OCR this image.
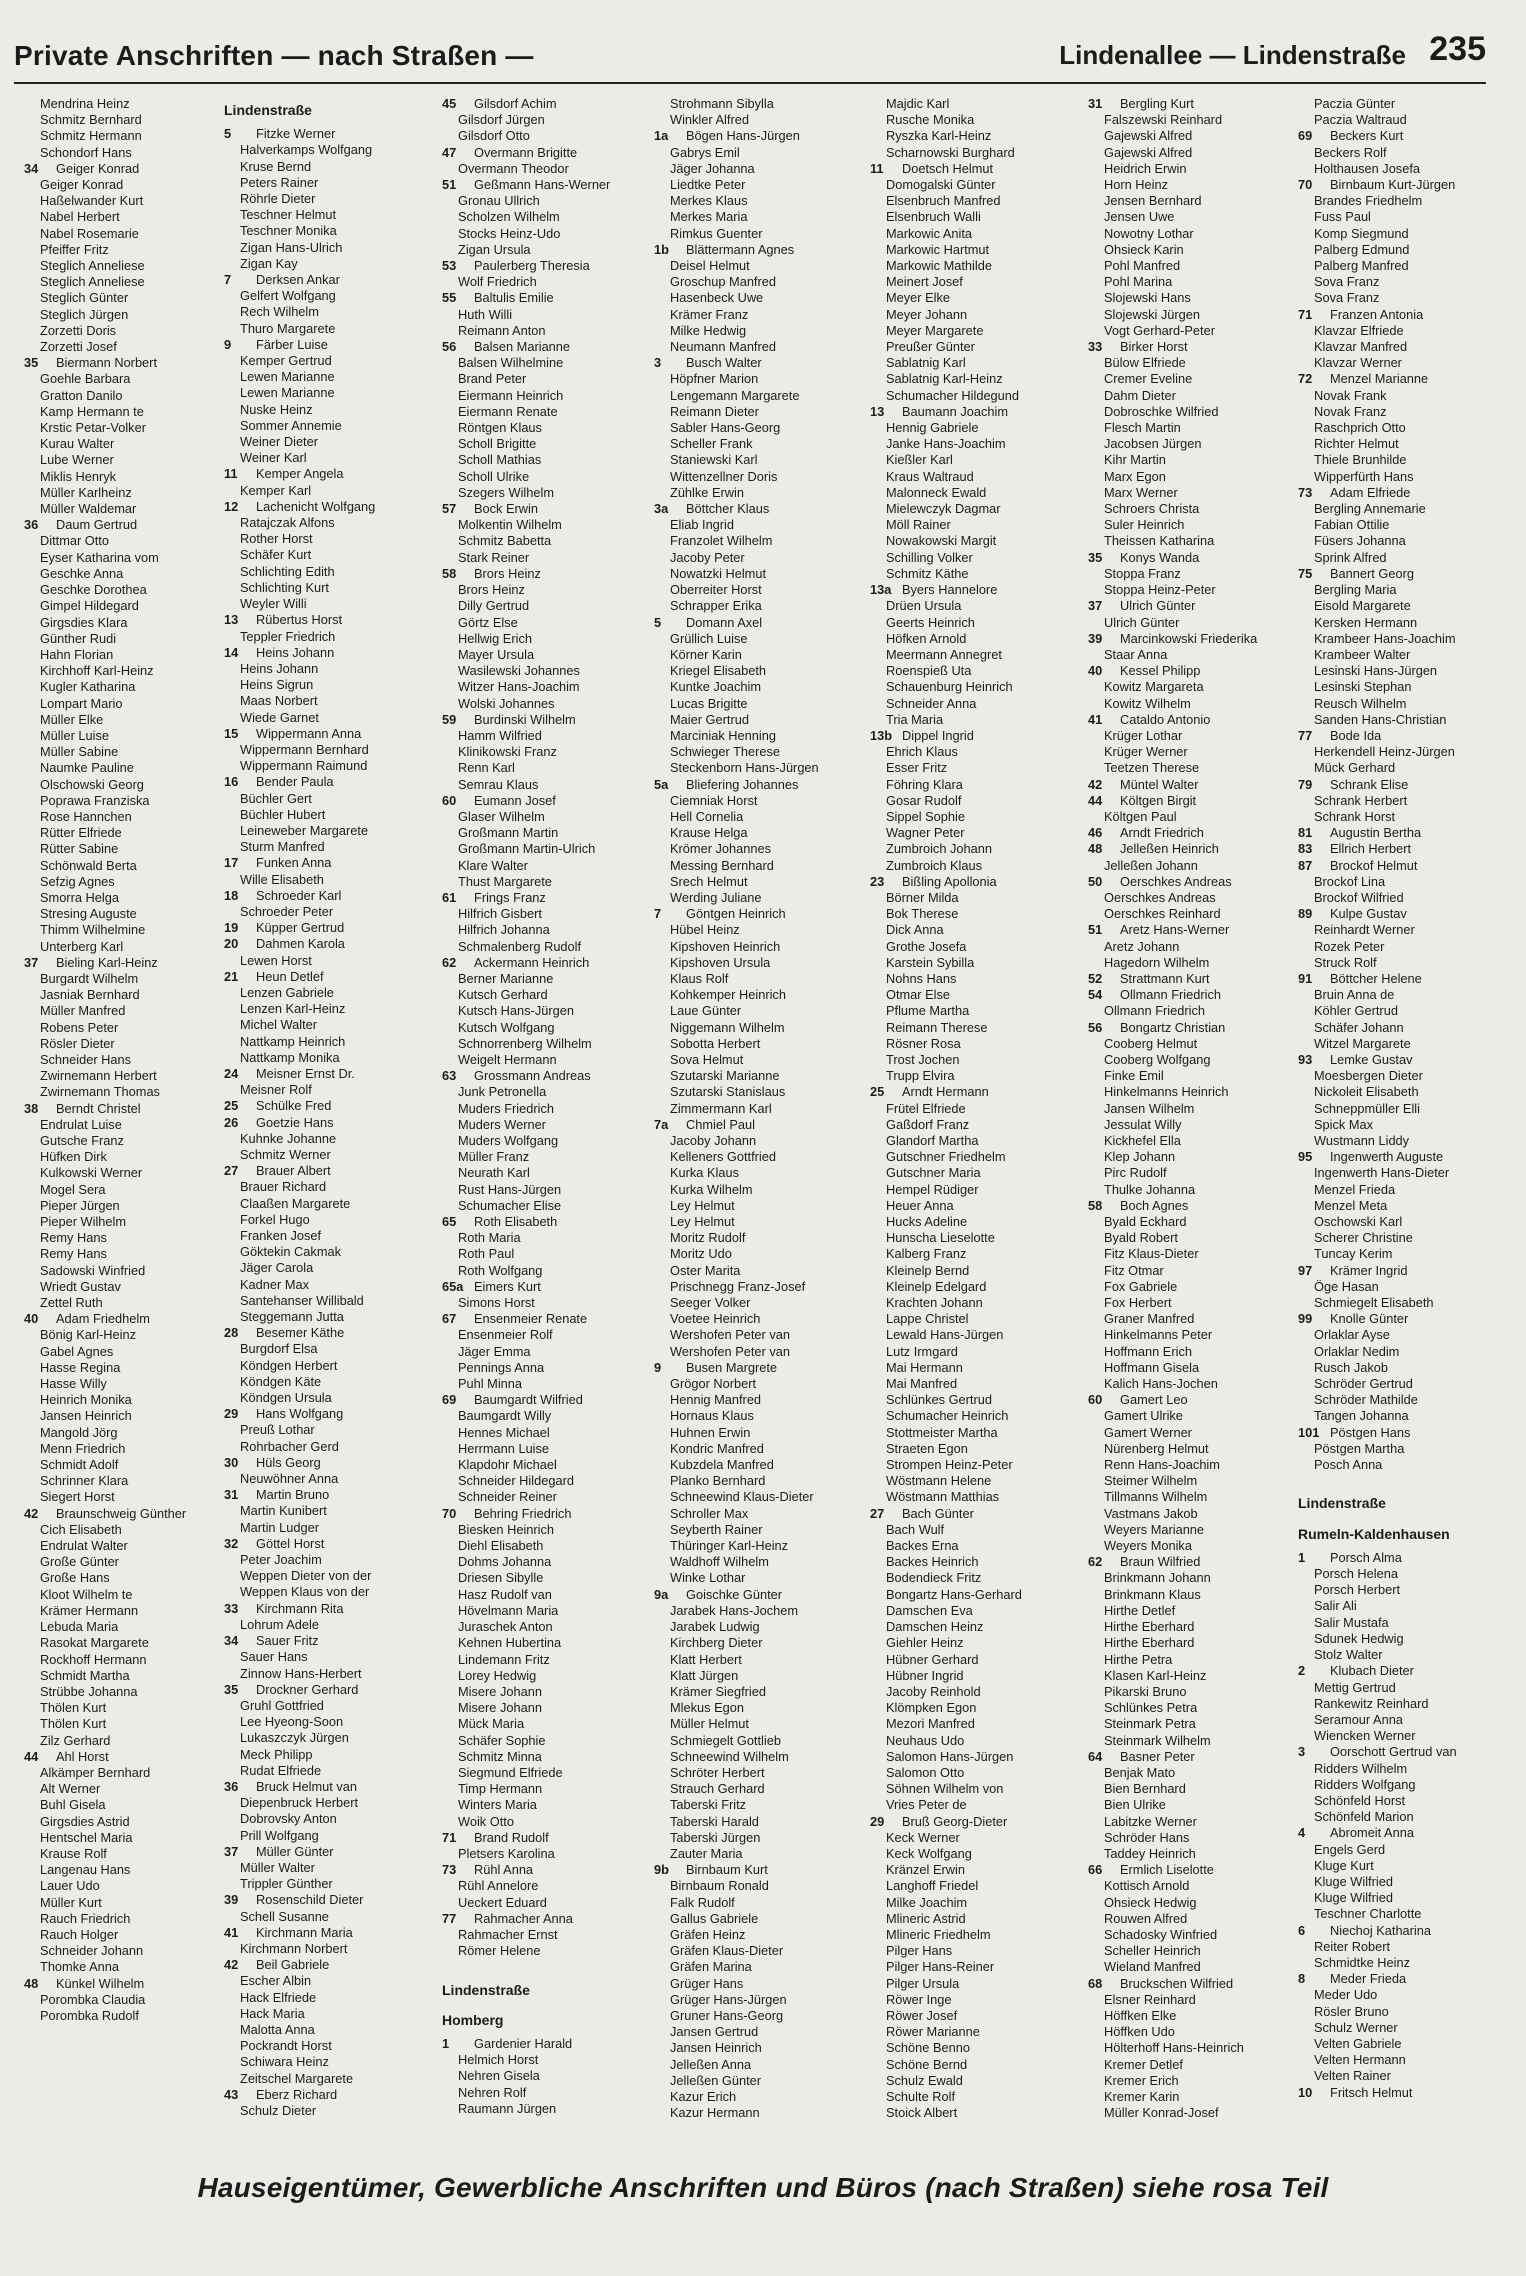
Private Anschriften — nach Straßen —	Lindenallee — Lindenstraße 235
Mendrina Heinz
Schmitz Bernhard
Schmitz Hermann
Schondorf Hans
34 Geiger Konrad
Geiger Konrad
Haßelwander Kurt
Nabel Herbert
Nabel Rosemarie
Pfeiffer Fritz
Steglich Anneliese
Steglich Anneliese
Steglich Günter
Steglich Jürgen
Zorzetti Doris
Zorzetti Josef
35 Biermann Norbert
Goehle Barbara
Gratton Danilo
Kamp Hermann te
Krstic Petar-Volker
Kurau Walter
Lube Werner
Miklis Henryk
Müller Karlheinz
Müller Waldemar
36 Daum Gertrud
Dittmar Otto
Eyser Katharina vom
Geschke Anna
Geschke Dorothea
Gimpel Hildegard
Girgsdies Klara
Günther Rudi
Hahn Florian
Kirchhoff Karl-Heinz
Kugler Katharina
Lompart Mario
Müller Elke
Müller Luise
Müller Sabine
Naumke Pauline
Olschowski Georg
Poprawa Franziska
Rose Hannchen
Rütter Elfriede
Rütter Sabine
Schönwald Berta
Sefzig Agnes
Smorra Helga
Stresing Auguste
Thimm Wilhelmine
Unterberg Karl
37 Bieling Karl-Heinz
Burgardt Wilhelm
Jasniak Bernhard
Müller Manfred
Robens Peter
Rösler Dieter
Schneider Hans
Zwirnemann Herbert
Zwirnemann Thomas
38 Berndt Christel
Endrulat Luise
Gutsche Franz
Hüfken Dirk
Kulkowski Werner
Mogel Sera
Pieper Jürgen
Pieper Wilhelm
Remy Hans
Remy Hans
Sadowski Winfried
Wriedt Gustav
Zettel Ruth
40 Adam Friedhelm
Bönig Karl-Heinz
Gabel Agnes
Hasse Regina
Hasse Willy
Heinrich Monika
Jansen Heinrich
Mangold Jörg
Menn Friedrich
Schmidt Adolf
Schrinner Klara
Siegert Horst
42 Braunschweig Günther
Cich Elisabeth
Endrulat Walter
Große Günter
Große Hans
Kloot Wilhelm te
Krämer Hermann
Lebuda Maria
Rasokat Margarete
Rockhoff Hermann
Schmidt Martha
Strübbe Johanna
Thölen Kurt
Thölen Kurt
Zilz Gerhard
44 Ahl Horst
Alkämper Bernhard
Alt Werner
Buhl Gisela
Girgsdies Astrid
Hentschel Maria
Krause Rolf
Langenau Hans
Lauer Udo
Müller Kurt
Rauch Friedrich
Rauch Holger
Schneider Johann
Thomke Anna
48 Künkel Wilhelm
Porombka Claudia
Porombka Rudolf
Lindenstraße
5 Fitzke Werner
Halverkamps Wolfgang
Kruse Bernd
Peters Rainer
Röhrle Dieter
Teschner Helmut
Teschner Monika
Zigan Hans-Ulrich
Zigan Kay
7 Derksen Ankar
Gelfert Wolfgang
Rech Wilhelm
Thuro Margarete
9 Färber Luise
Kemper Gertrud
Lewen Marianne
Lewen Marianne
Nuske Heinz
Sommer Annemie
Weiner Dieter
Weiner Karl
11 Kemper Angela
Kemper Karl
12 Lachenicht Wolfgang
Ratajczak Alfons
Rother Horst
Schäfer Kurt
Schlichting Edith
Schlichting Kurt
Weyler Willi
13 Rübertus Horst
Teppler Friedrich
14 Heins Johann
Heins Johann
Heins Sigrun
Maas Norbert
Wiede Garnet
15 Wippermann Anna
Wippermann Bernhard
Wippermann Raimund
16 Bender Paula
Büchler Gert
Büchler Hubert
Leineweber Margarete
Sturm Manfred
17 Funken Anna
Wille Elisabeth
18 Schroeder Karl
Schroeder Peter
19 Küpper Gertrud
20 Dahmen Karola
Lewen Horst
21 Heun Detlef
Lenzen Gabriele
Lenzen Karl-Heinz
Michel Walter
Nattkamp Heinrich
Nattkamp Monika
24 Meisner Ernst Dr.
Meisner Rolf
25 Schülke Fred
26 Goetzie Hans
Kuhnke Johanne
Schmitz Werner
27 Brauer Albert
Brauer Richard
Claaßen Margarete
Forkel Hugo
Franken Josef
Göktekin Cakmak
Jäger Carola
Kadner Max
Santehanser Willibald
Steggemann Jutta
28 Besemer Käthe
Burgdorf Elsa
Köndgen Herbert
Köndgen Käte
Köndgen Ursula
29 Hans Wolfgang
Preuß Lothar
Rohrbacher Gerd
30 Hüls Georg
Neuwöhner Anna
31 Martin Bruno
Martin Kunibert
Martin Ludger
32 Göttel Horst
Peter Joachim
Weppen Dieter von der
Weppen Klaus von der
33 Kirchmann Rita
Lohrum Adele
34 Sauer Fritz
Sauer Hans
Zinnow Hans-Herbert
35 Drockner Gerhard
Gruhl Gottfried
Lee Hyeong-Soon
Lukaszczyk Jürgen
Meck Philipp
Rudat Elfriede
36 Bruck Helmut van
Diepenbruck Herbert
Dobrovsky Anton
Prill Wolfgang
37 Müller Günter
Müller Walter
Trippler Günther
39 Rosenschild Dieter
Schell Susanne
41 Kirchmann Maria
Kirchmann Norbert
42 Beil Gabriele
Escher Albin
Hack Elfriede
Hack Maria
Malotta Anna
Pockrandt Horst
Schiwara Heinz
Zeitschel Margarete
43 Eberz Richard
Schulz Dieter
45 Gilsdorf Achim
Gilsdorf Jürgen
Gilsdorf Otto
47 Overmann Brigitte
Overmann Theodor
51 Geßmann Hans-Werner
Gronau Ullrich
Scholzen Wilhelm
Stocks Heinz-Udo
Zigan Ursula
53 Paulerberg Theresia
Wolf Friedrich
55 Baltulis Emilie
Huth Willi
Reimann Anton
56 Balsen Marianne
Balsen Wilhelmine
Brand Peter
Eiermann Heinrich
Eiermann Renate
Röntgen Klaus
Scholl Brigitte
Scholl Mathias
Scholl Ulrike
Szegers Wilhelm
57 Bock Erwin
Molkentin Wilhelm
Schmitz Babetta
Stark Reiner
58 Brors Heinz
Brors Heinz
Dilly Gertrud
Görtz Else
Hellwig Erich
Mayer Ursula
Wasilewski Johannes
Witzer Hans-Joachim
Wolski Johannes
59 Burdinski Wilhelm
Hamm Wilfried
Klinikowski Franz
Renn Karl
Semrau Klaus
60 Eumann Josef
Glaser Wilhelm
Großmann Martin
Großmann Martin-Ulrich
Klare Walter
Thust Margarete
61 Frings Franz
Hilfrich Gisbert
Hilfrich Johanna
Schmalenberg Rudolf
62 Ackermann Heinrich
Berner Marianne
Kutsch Gerhard
Kutsch Hans-Jürgen
Kutsch Wolfgang
Schnorrenberg Wilhelm
Weigelt Hermann
63 Grossmann Andreas
Junk Petronella
Muders Friedrich
Muders Werner
Muders Wolfgang
Müller Franz
Neurath Karl
Rust Hans-Jürgen
Schumacher Elise
65 Roth Elisabeth
Roth Maria
Roth Paul
Roth Wolfgang
65a Eimers Kurt
Simons Horst
67 Ensenmeier Renate
Ensenmeier Rolf
Jäger Emma
Pennings Anna
Puhl Minna
69 Baumgardt Wilfried
Baumgardt Willy
Hennes Michael
Herrmann Luise
Klapdohr Michael
Schneider Hildegard
Schneider Reiner
70 Behring Friedrich
Biesken Heinrich
Diehl Elisabeth
Dohms Johanna
Driesen Sibylle
Hasz Rudolf van
Hövelmann Maria
Juraschek Anton
Kehnen Hubertina
Lindemann Fritz
Lorey Hedwig
Misere Johann
Misere Johann
Mück Maria
Schäfer Sophie
Schmitz Minna
Siegmund Elfriede
Timp Hermann
Winters Maria
Woik Otto
71 Brand Rudolf
Pletsers Karolina
73 Rühl Anna
Rühl Annelore
Ueckert Eduard
77 Rahmacher Anna
Rahmacher Ernst
Römer Helene

Lindenstraße
Homberg
1 Gardenier Harald
Helmich Horst
Nehren Gisela
Nehren Rolf
Raumann Jürgen
Strohmann Sibylla
Winkler Alfred
1a Bögen Hans-Jürgen
Gabrys Emil
Jäger Johanna
Liedtke Peter
Merkes Klaus
Merkes Maria
Rimkus Guenter
1b Blättermann Agnes
Deisel Helmut
Groschup Manfred
Hasenbeck Uwe
Krämer Franz
Milke Hedwig
Neumann Manfred
3 Busch Walter
Höpfner Marion
Lengemann Margarete
Reimann Dieter
Sabler Hans-Georg
Scheller Frank
Staniewski Karl
Wittenzellner Doris
Zühlke Erwin
3a Böttcher Klaus
Eliab Ingrid
Franzolet Wilhelm
Jacoby Peter
Nowatzki Helmut
Oberreiter Horst
Schrapper Erika
5 Domann Axel
Grüllich Luise
Körner Karin
Kriegel Elisabeth
Kuntke Joachim
Lucas Brigitte
Maier Gertrud
Marciniak Henning
Schwieger Therese
Steckenborn Hans-Jürgen
5a Bliefering Johannes
Ciemniak Horst
Hell Cornelia
Krause Helga
Krömer Johannes
Messing Bernhard
Srech Helmut
Werding Juliane
7 Göntgen Heinrich
Hübel Heinz
Kipshoven Heinrich
Kipshoven Ursula
Klaus Rolf
Kohkemper Heinrich
Laue Günter
Niggemann Wilhelm
Sobotta Herbert
Sova Helmut
Szutarski Marianne
Szutarski Stanislaus
Zimmermann Karl
7a Chmiel Paul
Jacoby Johann
Kelleners Gottfried
Kurka Klaus
Kurka Wilhelm
Ley Helmut
Ley Helmut
Moritz Rudolf
Moritz Udo
Oster Marita
Prischnegg Franz-Josef
Seeger Volker
Voetee Heinrich
Wershofen Peter van
Wershofen Peter van
9 Busen Margrete
Grögor Norbert
Hennig Manfred
Hornaus Klaus
Huhnen Erwin
Kondric Manfred
Kubzdela Manfred
Planko Bernhard
Schneewind Klaus-Dieter
Schroller Max
Seyberth Rainer
Thüringer Karl-Heinz
Waldhoff Wilhelm
Winke Lothar
9a Goischke Günter
Jarabek Hans-Jochem
Jarabek Ludwig
Kirchberg Dieter
Klatt Herbert
Klatt Jürgen
Krämer Siegfried
Mlekus Egon
Müller Helmut
Schmiegelt Gottlieb
Schneewind Wilhelm
Schröter Herbert
Strauch Gerhard
Taberski Fritz
Taberski Harald
Taberski Jürgen
Zauter Maria
9b Birnbaum Kurt
Birnbaum Ronald
Falk Rudolf
Gallus Gabriele
Gräfen Heinz
Gräfen Klaus-Dieter
Gräfen Marina
Grüger Hans
Grüger Hans-Jürgen
Gruner Hans-Georg
Jansen Gertrud
Jansen Heinrich
Jelleßen Anna
Jelleßen Günter
Kazur Erich
Kazur Hermann
Majdic Karl
Rusche Monika
Ryszka Karl-Heinz
Scharnowski Burghard
11 Doetsch Helmut
Domogalski Günter
Elsenbruch Manfred
Elsenbruch Walli
Markowic Anita
Markowic Hartmut
Markowic Mathilde
Meinert Josef
Meyer Elke
Meyer Johann
Meyer Margarete
Preußer Günter
Sablatnig Karl
Sablatnig Karl-Heinz
Schumacher Hildegund
13 Baumann Joachim
Hennig Gabriele
Janke Hans-Joachim
Kießler Karl
Kraus Waltraud
Malonneck Ewald
Mielewczyk Dagmar
Möll Rainer
Nowakowski Margit
Schilling Volker
Schmitz Käthe
13a Byers Hannelore
Drüen Ursula
Geerts Heinrich
Höfken Arnold
Meermann Annegret
Roenspieß Uta
Schauenburg Heinrich
Schneider Anna
Tria Maria
13b Dippel Ingrid
Ehrich Klaus
Esser Fritz
Föhring Klara
Gosar Rudolf
Sippel Sophie
Wagner Peter
Zumbroich Johann
Zumbroich Klaus
23 Bißling Apollonia
Börner Milda
Bok Therese
Dick Anna
Grothe Josefa
Karstein Sybilla
Nohns Hans
Otmar Else
Pflume Martha
Reimann Therese
Rösner Rosa
Trost Jochen
Trupp Elvira
25 Arndt Hermann
Frütel Elfriede
Gaßdorf Franz
Glandorf Martha
Gutschner Friedhelm
Gutschner Maria
Hempel Rüdiger
Heuer Anna
Hucks Adeline
Hunscha Lieselotte
Kalberg Franz
Kleinelp Bernd
Kleinelp Edelgard
Krachten Johann
Lappe Christel
Lewald Hans-Jürgen
Lutz Irmgard
Mai Hermann
Mai Manfred
Schlünkes Gertrud
Schumacher Heinrich
Stottmeister Martha
Straeten Egon
Strompen Heinz-Peter
Wöstmann Helene
Wöstmann Matthias
27 Bach Günter
Bach Wulf
Backes Erna
Backes Heinrich
Bodendieck Fritz
Bongartz Hans-Gerhard
Damschen Eva
Damschen Heinz
Giehler Heinz
Hübner Gerhard
Hübner Ingrid
Jacoby Reinhold
Klömpken Egon
Mezori Manfred
Neuhaus Udo
Salomon Hans-Jürgen
Salomon Otto
Söhnen Wilhelm von
Vries Peter de
29 Bruß Georg-Dieter
Keck Werner
Keck Wolfgang
Kränzel Erwin
Langhoff Friedel
Milke Joachim
Mlineric Astrid
Mlineric Friedhelm
Pilger Hans
Pilger Hans-Reiner
Pilger Ursula
Röwer Inge
Röwer Josef
Röwer Marianne
Schöne Benno
Schöne Bernd
Schulz Ewald
Schulte Rolf
Stoick Albert
31 Bergling Kurt
Falszewski Reinhard
Gajewski Alfred
Gajewski Alfred
Heidrich Erwin
Horn Heinz
Jensen Bernhard
Jensen Uwe
Nowotny Lothar
Ohsieck Karin
Pohl Manfred
Pohl Marina
Slojewski Hans
Slojewski Jürgen
Vogt Gerhard-Peter
33 Birker Horst
Bülow Elfriede
Cremer Eveline
Dahm Dieter
Dobroschke Wilfried
Flesch Martin
Jacobsen Jürgen
Kihr Martin
Marx Egon
Marx Werner
Schroers Christa
Suler Heinrich
Theissen Katharina
35 Konys Wanda
Stoppa Franz
Stoppa Heinz-Peter
37 Ulrich Günter
Ulrich Günter
39 Marcinkowski Friederika
Staar Anna
40 Kessel Philipp
Kowitz Margareta
Kowitz Wilhelm
41 Cataldo Antonio
Krüger Lothar
Krüger Werner
Teetzen Therese
42 Müntel Walter
44 Költgen Birgit
Költgen Paul
46 Arndt Friedrich
48 Jelleßen Heinrich
Jelleßen Johann
50 Oerschkes Andreas
Oerschkes Andreas
Oerschkes Reinhard
51 Aretz Hans-Werner
Aretz Johann
Hagedorn Wilhelm
52 Strattmann Kurt
54 Ollmann Friedrich
Ollmann Friedrich
56 Bongartz Christian
Cooberg Helmut
Cooberg Wolfgang
Finke Emil
Hinkelmanns Heinrich
Jansen Wilhelm
Jessulat Willy
Kickhefel Ella
Klep Johann
Pirc Rudolf
Thulke Johanna
58 Boch Agnes
Byald Eckhard
Byald Robert
Fitz Klaus-Dieter
Fitz Otmar
Fox Gabriele
Fox Herbert
Graner Manfred
Hinkelmanns Peter
Hoffmann Erich
Hoffmann Gisela
Kalich Hans-Jochen
60 Gamert Leo
Gamert Ulrike
Gamert Werner
Nürenberg Helmut
Renn Hans-Joachim
Steimer Wilhelm
Tillmanns Wilhelm
Vastmans Jakob
Weyers Marianne
Weyers Monika
62 Braun Wilfried
Brinkmann Johann
Brinkmann Klaus
Hirthe Detlef
Hirthe Eberhard
Hirthe Eberhard
Hirthe Petra
Klasen Karl-Heinz
Pikarski Bruno
Schlünkes Petra
Steinmark Petra
Steinmark Wilhelm
64 Basner Peter
Benjak Mato
Bien Bernhard
Bien Ulrike
Labitzke Werner
Schröder Hans
Taddey Heinrich
66 Ermlich Liselotte
Kottisch Arnold
Ohsieck Hedwig
Rouwen Alfred
Schadosky Winfried
Scheller Heinrich
Wieland Manfred
68 Bruckschen Wilfried
Elsner Reinhard
Höffken Elke
Höffken Udo
Hölterhoff Hans-Heinrich
Kremer Detlef
Kremer Erich
Kremer Karin
Müller Konrad-Josef
Paczia Günter
Paczia Waltraud
69 Beckers Kurt
Beckers Rolf
Holthausen Josefa
70 Birnbaum Kurt-Jürgen
Brandes Friedhelm
Fuss Paul
Komp Siegmund
Palberg Edmund
Palberg Manfred
Sova Franz
Sova Franz
71 Franzen Antonia
Klavzar Elfriede
Klavzar Manfred
Klavzar Werner
72 Menzel Marianne
Novak Frank
Novak Franz
Raschprich Otto
Richter Helmut
Thiele Brunhilde
Wipperfürth Hans
73 Adam Elfriede
Bergling Annemarie
Fabian Ottilie
Füsers Johanna
Sprink Alfred
75 Bannert Georg
Bergling Maria
Eisold Margarete
Kersken Hermann
Krambeer Hans-Joachim
Krambeer Walter
Lesinski Hans-Jürgen
Lesinski Stephan
Reusch Wilhelm
Sanden Hans-Christian
77 Bode Ida
Herkendell Heinz-Jürgen
Mück Gerhard
79 Schrank Elise
Schrank Herbert
Schrank Horst
81 Augustin Bertha
83 Ellrich Herbert
87 Brockof Helmut
Brockof Lina
Brockof Wilfried
89 Kulpe Gustav
Reinhardt Werner
Rozek Peter
Struck Rolf
91 Böttcher Helene
Bruin Anna de
Köhler Gertrud
Schäfer Johann
Witzel Margarete
93 Lemke Gustav
Moesbergen Dieter
Nickoleit Elisabeth
Schneppmüller Elli
Spick Max
Wustmann Liddy
95 Ingenwerth Auguste
Ingenwerth Hans-Dieter
Menzel Frieda
Menzel Meta
Oschowski Karl
Scherer Christine
Tuncay Kerim
97 Krämer Ingrid
Öge Hasan
Schmiegelt Elisabeth
99 Knolle Günter
Orlaklar Ayse
Orlaklar Nedim
Rusch Jakob
Schröder Gertrud
Schröder Mathilde
Tangen Johanna
101 Pöstgen Hans
Pöstgen Martha
Posch Anna

Lindenstraße
Rumeln-Kaldenhausen
1 Porsch Alma
Porsch Helena
Porsch Herbert
Salir Ali
Salir Mustafa
Sdunek Hedwig
Stolz Walter
2 Klubach Dieter
Mettig Gertrud
Rankewitz Reinhard
Seramour Anna
Wiencken Werner
3 Oorschott Gertrud van
Ridders Wilhelm
Ridders Wolfgang
Schönfeld Horst
Schönfeld Marion
4 Abromeit Anna
Engels Gerd
Kluge Kurt
Kluge Wilfried
Kluge Wilfried
Teschner Charlotte
6 Niechoj Katharina
Reiter Robert
Schmidtke Heinz
8 Meder Frieda
Meder Udo
Rösler Bruno
Schulz Werner
Velten Gabriele
Velten Hermann
Velten Rainer
10 Fritsch Helmut
Hauseigentümer, Gewerbliche Anschriften und Büros (nach Straßen) siehe rosa Teil
